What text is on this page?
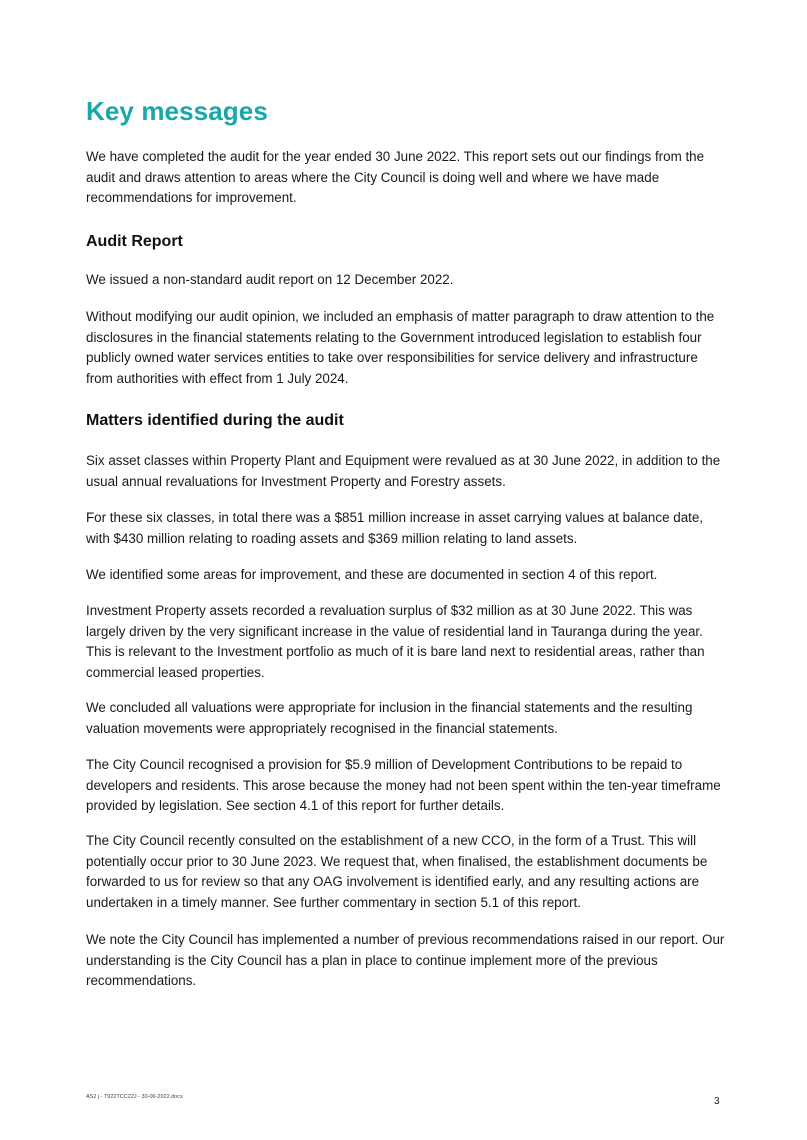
Key messages

We have completed the audit for the year ended 30 June 2022. This report sets out our findings from the audit and draws attention to areas where the City Council is doing well and where we have made recommendations for improvement.

Audit Report

We issued a non-standard audit report on 12 December 2022.

Without modifying our audit opinion, we included an emphasis of matter paragraph to draw attention to the disclosures in the financial statements relating to the Government introduced legislation to establish four publicly owned water services entities to take over responsibilities for service delivery and infrastructure from authorities with effect from 1 July 2024.

Matters identified during the audit

Six asset classes within Property Plant and Equipment were revalued as at 30 June 2022, in addition to the usual annual revaluations for Investment Property and Forestry assets.

For these six classes, in total there was a $851 million increase in asset carrying values at balance date, with $430 million relating to roading assets and $369 million relating to land assets.

We identified some areas for improvement, and these are documented in section 4 of this report.

Investment Property assets recorded a revaluation surplus of $32 million as at 30 June 2022. This was largely driven by the very significant increase in the value of residential land in Tauranga during the year. This is relevant to the Investment portfolio as much of it is bare land next to residential areas, rather than commercial leased properties.

We concluded all valuations were appropriate for inclusion in the financial statements and the resulting valuation movements were appropriately recognised in the financial statements.

The City Council recognised a provision for $5.9 million of Development Contributions to be repaid to developers and residents. This arose because the money had not been spent within the ten-year timeframe provided by legislation. See section 4.1 of this report for further details.

The City Council recently consulted on the establishment of a new CCO, in the form of a Trust. This will potentially occur prior to 30 June 2023. We request that, when finalised, the establishment documents be forwarded to us for review so that any OAG involvement is identified early, and any resulting actions are undertaken in a timely manner. See further commentary in section 5.1 of this report.

We note the City Council has implemented a number of previous recommendations raised in our report. Our understanding is the City Council has a plan in place to continue implement more of the previous recommendations.

AS2 j - T922TCC22J - 30-06-2022.docx	3
